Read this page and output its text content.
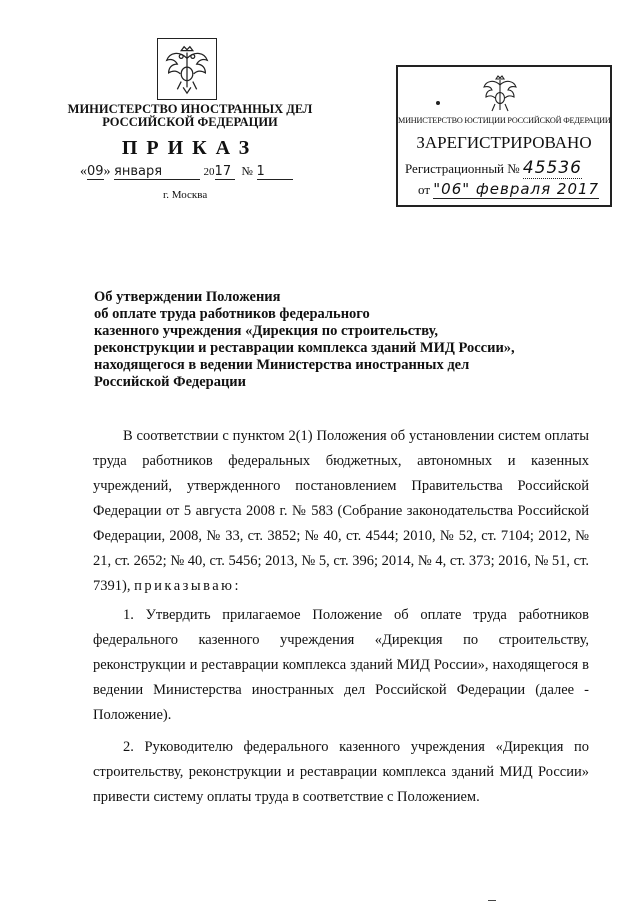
МИНИСТЕРСТВО ИНОСТРАННЫХ ДЕЛ
РОССИЙСКОЙ ФЕДЕРАЦИИ
ПРИКАЗ
«09» января	2017 № 1
г. Москва
МИНИСТЕРСТВО ЮСТИЦИИ РОССИЙСКОЙ ФЕДЕРАЦИИ
ЗАРЕГИСТРИРОВАНО
Регистрационный № 45536
от "06" февраля 2017
Об утверждении Положения
об оплате труда работников федерального
казенного учреждения «Дирекция по строительству,
реконструкции и реставрации комплекса зданий МИД России»,
находящегося в ведении Министерства иностранных дел
Российской Федерации
В соответствии с пунктом 2(1) Положения об установлении систем оплаты труда работников федеральных бюджетных, автономных и казенных учреждений, утвержденного постановлением Правительства Российской Федерации от 5 августа 2008 г. № 583 (Собрание законодательства Российской Федерации, 2008, № 33, ст. 3852; № 40, ст. 4544; 2010, № 52, ст. 7104; 2012, № 21, ст. 2652; № 40, ст. 5456; 2013, № 5, ст. 396; 2014, № 4, ст. 373; 2016, № 51, ст. 7391), приказываю:
1. Утвердить прилагаемое Положение об оплате труда работников федерального казенного учреждения «Дирекция по строительству, реконструкции и реставрации комплекса зданий МИД России», находящегося в ведении Министерства иностранных дел Российской Федерации (далее - Положение).
2. Руководителю федерального казенного учреждения «Дирекция по строительству, реконструкции и реставрации комплекса зданий МИД России» привести систему оплаты труда в соответствие с Положением.
